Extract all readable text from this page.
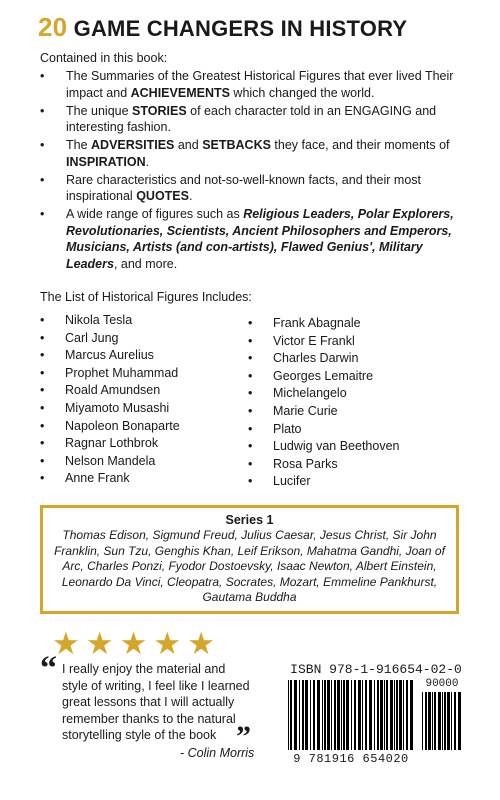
20 GAME CHANGERS IN HISTORY
Contained in this book:
• The Summaries of the Greatest Historical Figures that ever lived Their impact and ACHIEVEMENTS which changed the world.
• The unique STORIES of each character told in an ENGAGING and interesting fashion.
• The ADVERSITIES and SETBACKS they face, and their moments of INSPIRATION.
• Rare characteristics and not-so-well-known facts, and their most inspirational QUOTES.
• A wide range of figures such as Religious Leaders, Polar Explorers, Revolutionaries, Scientists, Ancient Philosophers and Emperors, Musicians, Artists (and con-artists), Flawed Genius', Military Leaders, and more.
The List of Historical Figures Includes:
• Nikola Tesla
• Carl Jung
• Marcus Aurelius
• Prophet Muhammad
• Roald Amundsen
• Miyamoto Musashi
• Napoleon Bonaparte
• Ragnar Lothbrok
• Nelson Mandela
• Anne Frank
• Frank Abagnale
• Victor E Frankl
• Charles Darwin
• Georges Lemaitre
• Michelangelo
• Marie Curie
• Plato
• Ludwig van Beethoven
• Rosa Parks
• Lucifer
Series 1
Thomas Edison, Sigmund Freud, Julius Caesar, Jesus Christ, Sir John Franklin, Sun Tzu, Genghis Khan, Leif Erikson, Mahatma Gandhi, Joan of Arc, Charles Ponzi, Fyodor Dostoevsky, Isaac Newton, Albert Einstein, Leonardo Da Vinci, Cleopatra, Socrates, Mozart, Emmeline Pankhurst, Gautama Buddha
★ ★ ★ ★ ★
“ I really enjoy the material and style of writing, I feel like I learned great lessons that I will actually remember thanks to the natural storytelling style of the book ”
- Colin Morris
ISBN 978-1-916654-02-0
90000
9 781916 654020
